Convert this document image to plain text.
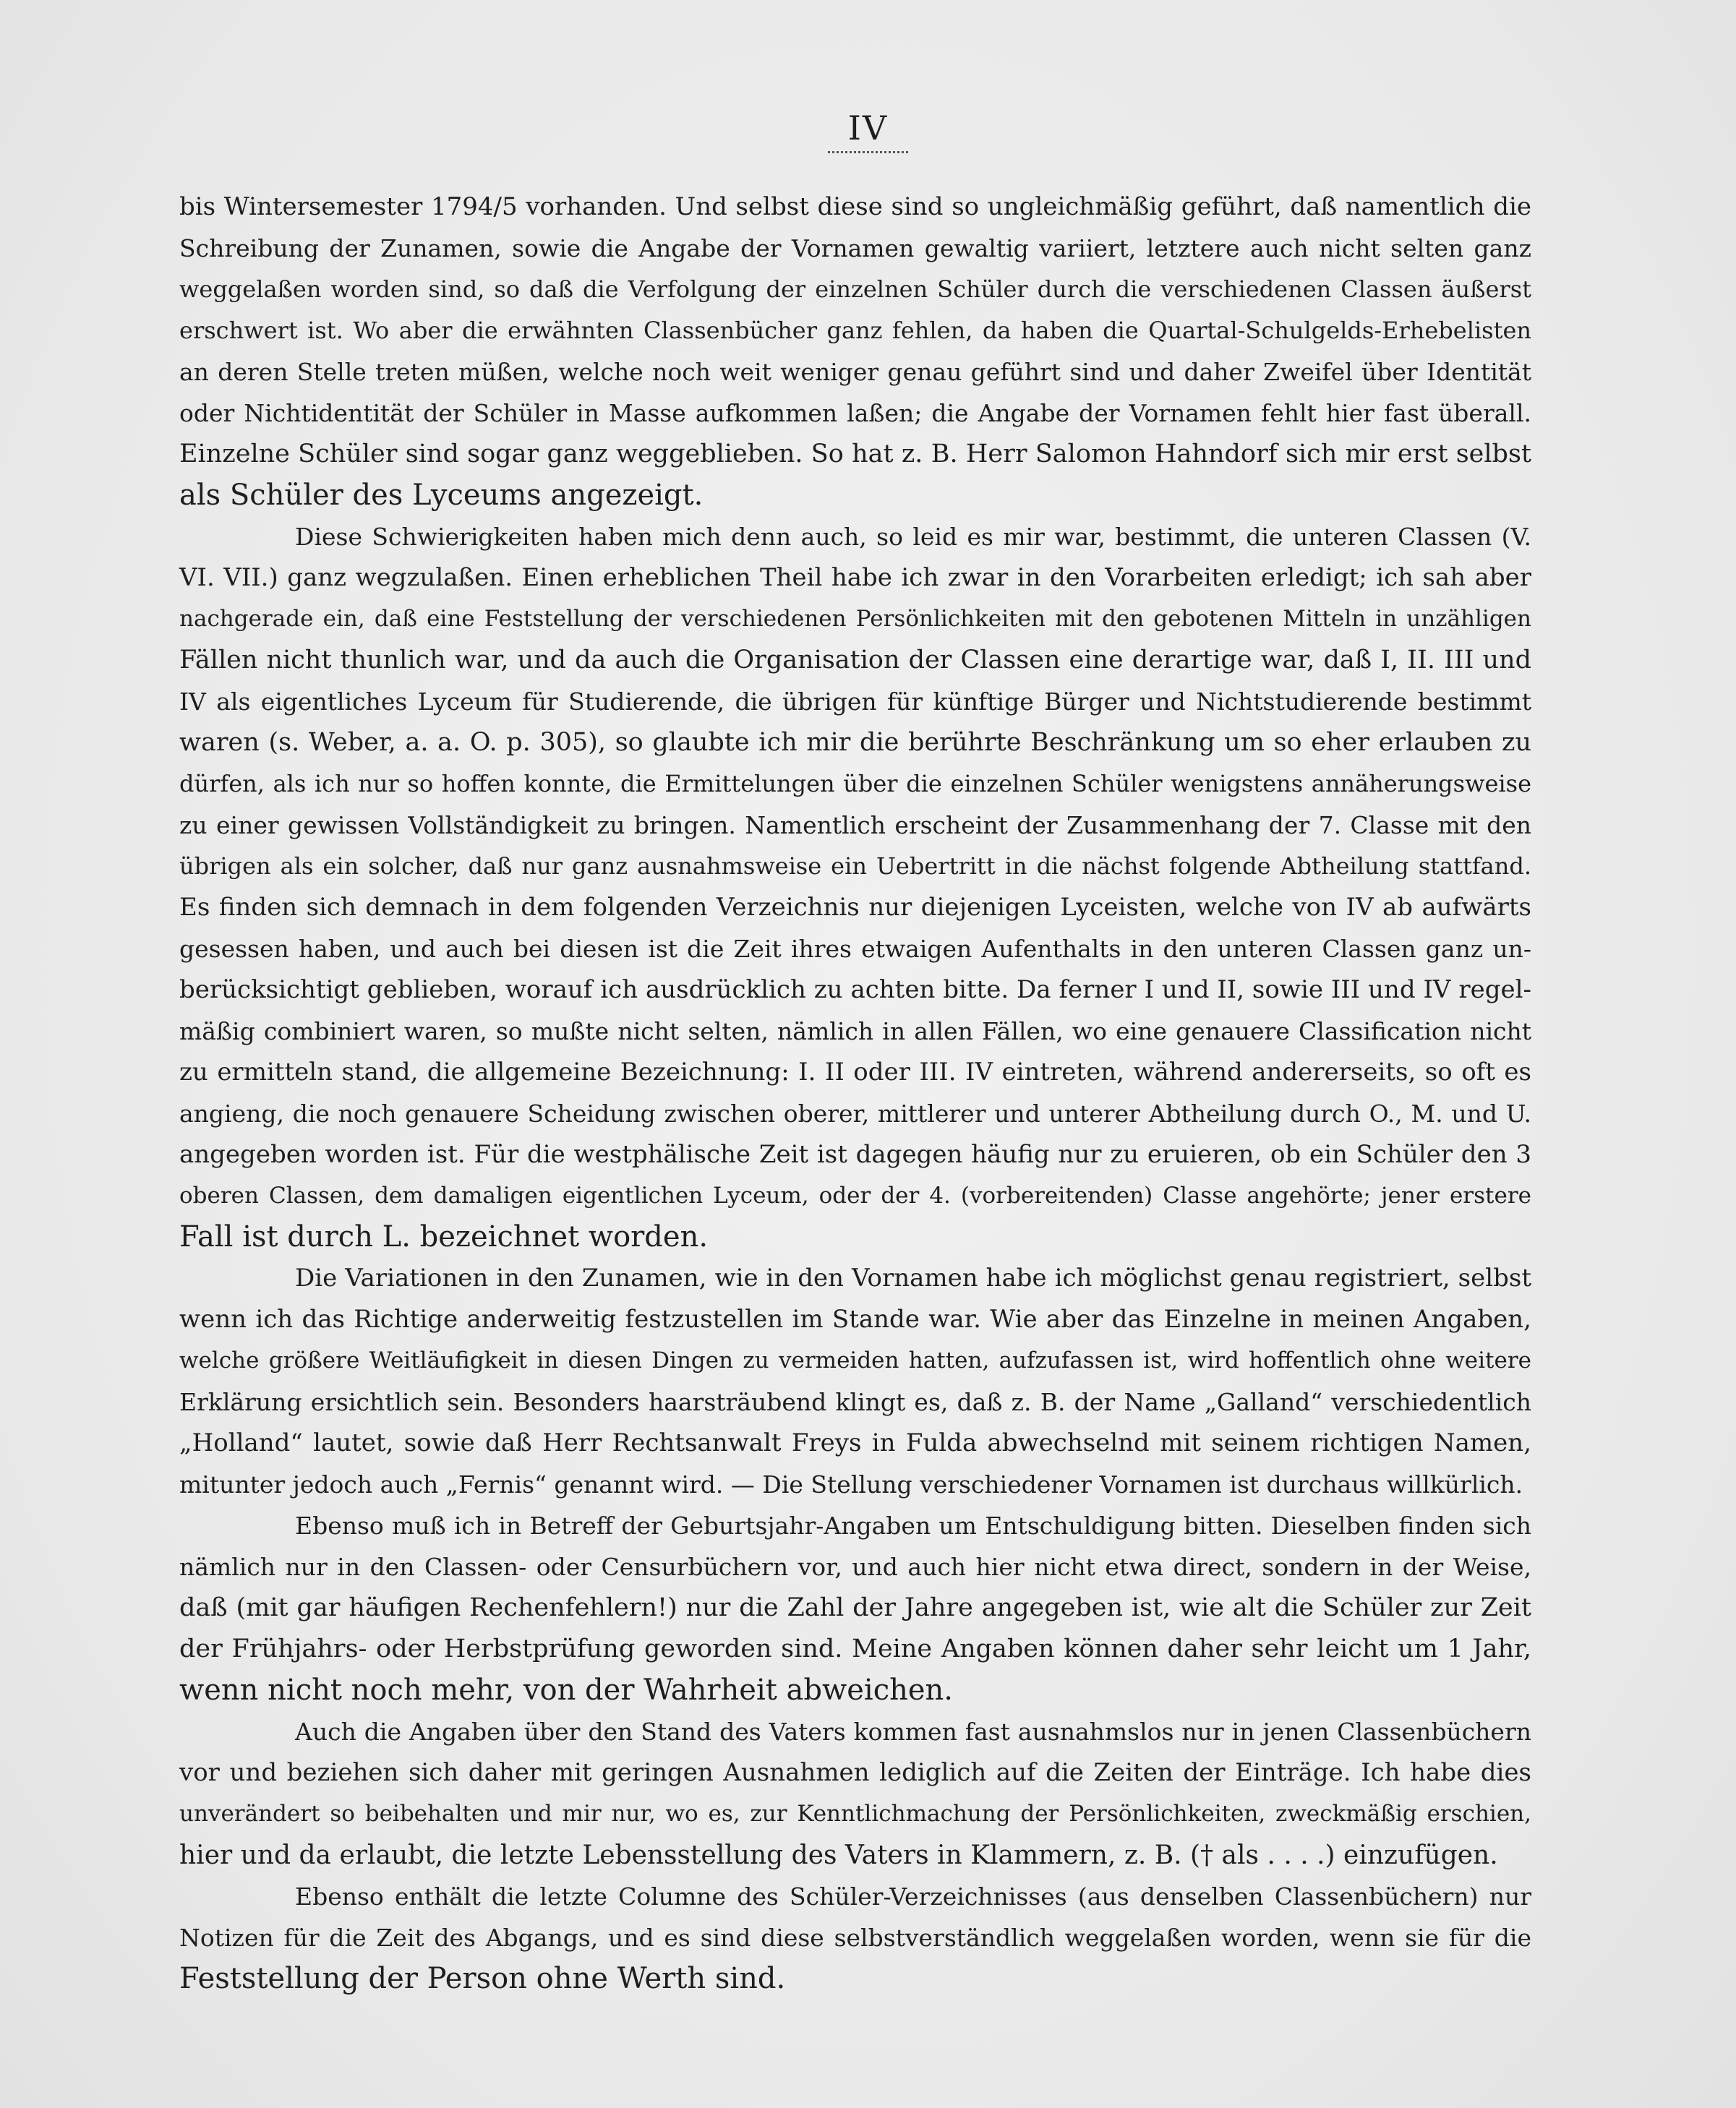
IV
bis Wintersemester 1794/5 vorhanden. Und selbst diese sind so ungleichmäßig geführt, daß namentlich die
Schreibung der Zunamen, sowie die Angabe der Vornamen gewaltig variiert, letztere auch nicht selten ganz
weggelaßen worden sind, so daß die Verfolgung der einzelnen Schüler durch die verschiedenen Classen äußerst
erschwert ist. Wo aber die erwähnten Classenbücher ganz fehlen, da haben die Quartal-Schulgelds-Erhebelisten
an deren Stelle treten müßen, welche noch weit weniger genau geführt sind und daher Zweifel über Identität
oder Nichtidentität der Schüler in Masse aufkommen laßen; die Angabe der Vornamen fehlt hier fast überall.
Einzelne Schüler sind sogar ganz weggeblieben. So hat z. B. Herr Salomon Hahndorf sich mir erst selbst
als Schüler des Lyceums angezeigt.
Diese Schwierigkeiten haben mich denn auch, so leid es mir war, bestimmt, die unteren Classen (V.
VI. VII.) ganz wegzulaßen. Einen erheblichen Theil habe ich zwar in den Vorarbeiten erledigt; ich sah aber
nachgerade ein, daß eine Feststellung der verschiedenen Persönlichkeiten mit den gebotenen Mitteln in unzähligen
Fällen nicht thunlich war, und da auch die Organisation der Classen eine derartige war, daß I, II. III und
IV als eigentliches Lyceum für Studierende, die übrigen für künftige Bürger und Nichtstudierende bestimmt
waren (s. Weber, a. a. O. p. 305), so glaubte ich mir die berührte Beschränkung um so eher erlauben zu
dürfen, als ich nur so hoffen konnte, die Ermittelungen über die einzelnen Schüler wenigstens annäherungsweise
zu einer gewissen Vollständigkeit zu bringen. Namentlich erscheint der Zusammenhang der 7. Classe mit den
übrigen als ein solcher, daß nur ganz ausnahmsweise ein Uebertritt in die nächst folgende Abtheilung stattfand.
Es finden sich demnach in dem folgenden Verzeichnis nur diejenigen Lyceisten, welche von IV ab aufwärts
gesessen haben, und auch bei diesen ist die Zeit ihres etwaigen Aufenthalts in den unteren Classen ganz un-
berücksichtigt geblieben, worauf ich ausdrücklich zu achten bitte. Da ferner I und II, sowie III und IV regel-
mäßig combiniert waren, so mußte nicht selten, nämlich in allen Fällen, wo eine genauere Classification nicht
zu ermitteln stand, die allgemeine Bezeichnung: I. II oder III. IV eintreten, während andererseits, so oft es
angieng, die noch genauere Scheidung zwischen oberer, mittlerer und unterer Abtheilung durch O., M. und U.
angegeben worden ist. Für die westphälische Zeit ist dagegen häufig nur zu eruieren, ob ein Schüler den 3
oberen Classen, dem damaligen eigentlichen Lyceum, oder der 4. (vorbereitenden) Classe angehörte; jener erstere
Fall ist durch L. bezeichnet worden.
Die Variationen in den Zunamen, wie in den Vornamen habe ich möglichst genau registriert, selbst
wenn ich das Richtige anderweitig festzustellen im Stande war. Wie aber das Einzelne in meinen Angaben,
welche größere Weitläufigkeit in diesen Dingen zu vermeiden hatten, aufzufassen ist, wird hoffentlich ohne weitere
Erklärung ersichtlich sein. Besonders haarsträubend klingt es, daß z. B. der Name „Galland“ verschiedentlich
„Holland“ lautet, sowie daß Herr Rechtsanwalt Freys in Fulda abwechselnd mit seinem richtigen Namen,
mitunter jedoch auch „Fernis“ genannt wird. — Die Stellung verschiedener Vornamen ist durchaus willkürlich.
Ebenso muß ich in Betreff der Geburtsjahr-Angaben um Entschuldigung bitten. Dieselben finden sich
nämlich nur in den Classen- oder Censurbüchern vor, und auch hier nicht etwa direct, sondern in der Weise,
daß (mit gar häufigen Rechenfehlern!) nur die Zahl der Jahre angegeben ist, wie alt die Schüler zur Zeit
der Frühjahrs- oder Herbstprüfung geworden sind. Meine Angaben können daher sehr leicht um 1 Jahr,
wenn nicht noch mehr, von der Wahrheit abweichen.
Auch die Angaben über den Stand des Vaters kommen fast ausnahmslos nur in jenen Classenbüchern
vor und beziehen sich daher mit geringen Ausnahmen lediglich auf die Zeiten der Einträge. Ich habe dies
unverändert so beibehalten und mir nur, wo es, zur Kenntlichmachung der Persönlichkeiten, zweckmäßig erschien,
hier und da erlaubt, die letzte Lebensstellung des Vaters in Klammern, z. B. († als . . . .) einzufügen.
Ebenso enthält die letzte Columne des Schüler-Verzeichnisses (aus denselben Classenbüchern) nur
Notizen für die Zeit des Abgangs, und es sind diese selbstverständlich weggelaßen worden, wenn sie für die
Feststellung der Person ohne Werth sind.
